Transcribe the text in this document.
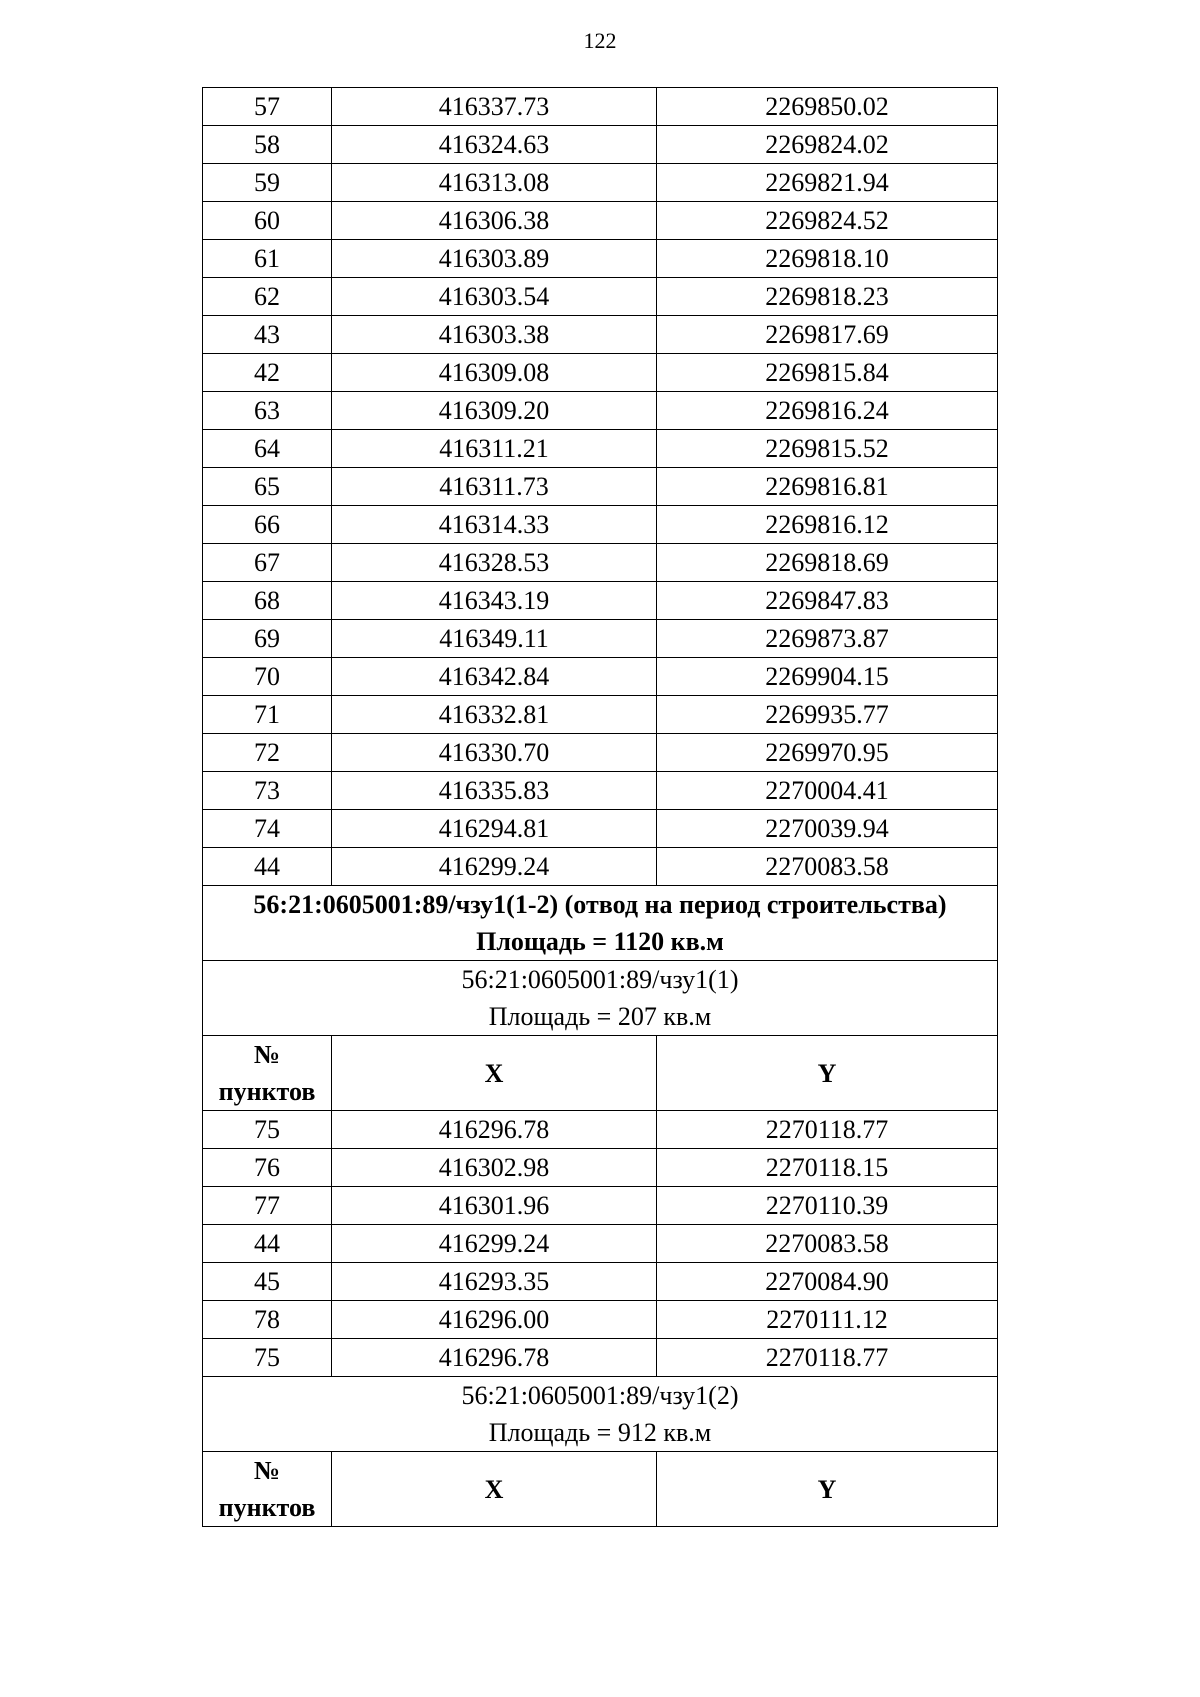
122
57	416337.73	2269850.02
58	416324.63	2269824.02
59	416313.08	2269821.94
60	416306.38	2269824.52
61	416303.89	2269818.10
62	416303.54	2269818.23
43	416303.38	2269817.69
42	416309.08	2269815.84
63	416309.20	2269816.24
64	416311.21	2269815.52
65	416311.73	2269816.81
66	416314.33	2269816.12
67	416328.53	2269818.69
68	416343.19	2269847.83
69	416349.11	2269873.87
70	416342.84	2269904.15
71	416332.81	2269935.77
72	416330.70	2269970.95
73	416335.83	2270004.41
74	416294.81	2270039.94
44	416299.24	2270083.58

56:21:0605001:89/чзу1(1-2) (отвод на период строительства)
Площадь = 1120 кв.м		

56:21:0605001:89/чзу1(1)
Площадь = 207 кв.м		

№
пунктов	X	Y
75	416296.78	2270118.77
76	416302.98	2270118.15
77	416301.96	2270110.39
44	416299.24	2270083.58
45	416293.35	2270084.90
78	416296.00	2270111.12
75	416296.78	2270118.77

56:21:0605001:89/чзу1(2)
Площадь = 912 кв.м		

№
пунктов	X	Y
